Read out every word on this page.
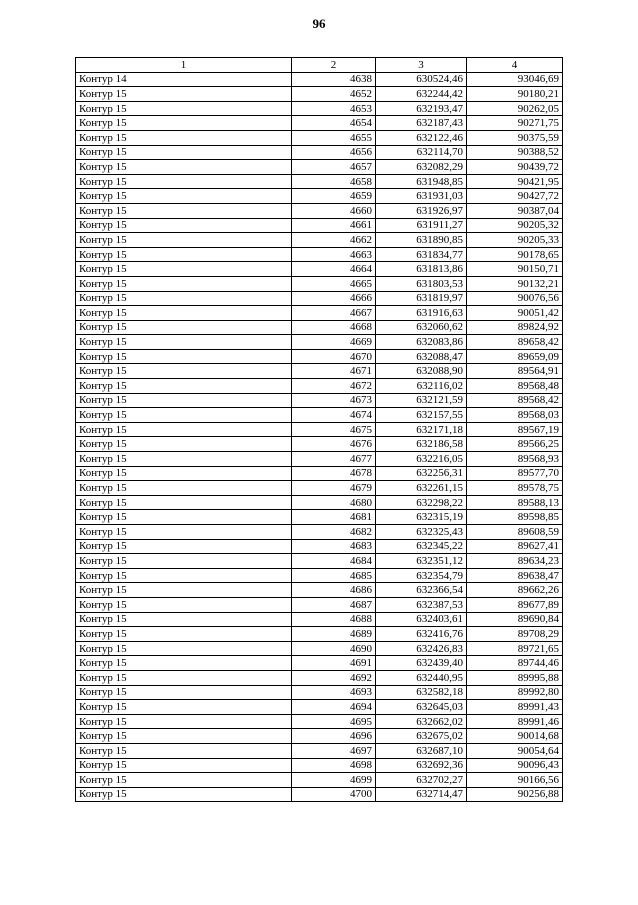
96
1	2	3	4
Контур 14	4638	630524,46	93046,69
Контур 15	4652	632244,42	90180,21
Контур 15	4653	632193,47	90262,05
Контур 15	4654	632187,43	90271,75
Контур 15	4655	632122,46	90375,59
Контур 15	4656	632114,70	90388,52
Контур 15	4657	632082,29	90439,72
Контур 15	4658	631948,85	90421,95
Контур 15	4659	631931,03	90427,72
Контур 15	4660	631926,97	90387,04
Контур 15	4661	631911,27	90205,32
Контур 15	4662	631890,85	90205,33
Контур 15	4663	631834,77	90178,65
Контур 15	4664	631813,86	90150,71
Контур 15	4665	631803,53	90132,21
Контур 15	4666	631819,97	90076,56
Контур 15	4667	631916,63	90051,42
Контур 15	4668	632060,62	89824,92
Контур 15	4669	632083,86	89658,42
Контур 15	4670	632088,47	89659,09
Контур 15	4671	632088,90	89564,91
Контур 15	4672	632116,02	89568,48
Контур 15	4673	632121,59	89568,42
Контур 15	4674	632157,55	89568,03
Контур 15	4675	632171,18	89567,19
Контур 15	4676	632186,58	89566,25
Контур 15	4677	632216,05	89568,93
Контур 15	4678	632256,31	89577,70
Контур 15	4679	632261,15	89578,75
Контур 15	4680	632298,22	89588,13
Контур 15	4681	632315,19	89598,85
Контур 15	4682	632325,43	89608,59
Контур 15	4683	632345,22	89627,41
Контур 15	4684	632351,12	89634,23
Контур 15	4685	632354,79	89638,47
Контур 15	4686	632366,54	89662,26
Контур 15	4687	632387,53	89677,89
Контур 15	4688	632403,61	89690,84
Контур 15	4689	632416,76	89708,29
Контур 15	4690	632426,83	89721,65
Контур 15	4691	632439,40	89744,46
Контур 15	4692	632440,95	89995,88
Контур 15	4693	632582,18	89992,80
Контур 15	4694	632645,03	89991,43
Контур 15	4695	632662,02	89991,46
Контур 15	4696	632675,02	90014,68
Контур 15	4697	632687,10	90054,64
Контур 15	4698	632692,36	90096,43
Контур 15	4699	632702,27	90166,56
Контур 15	4700	632714,47	90256,88
